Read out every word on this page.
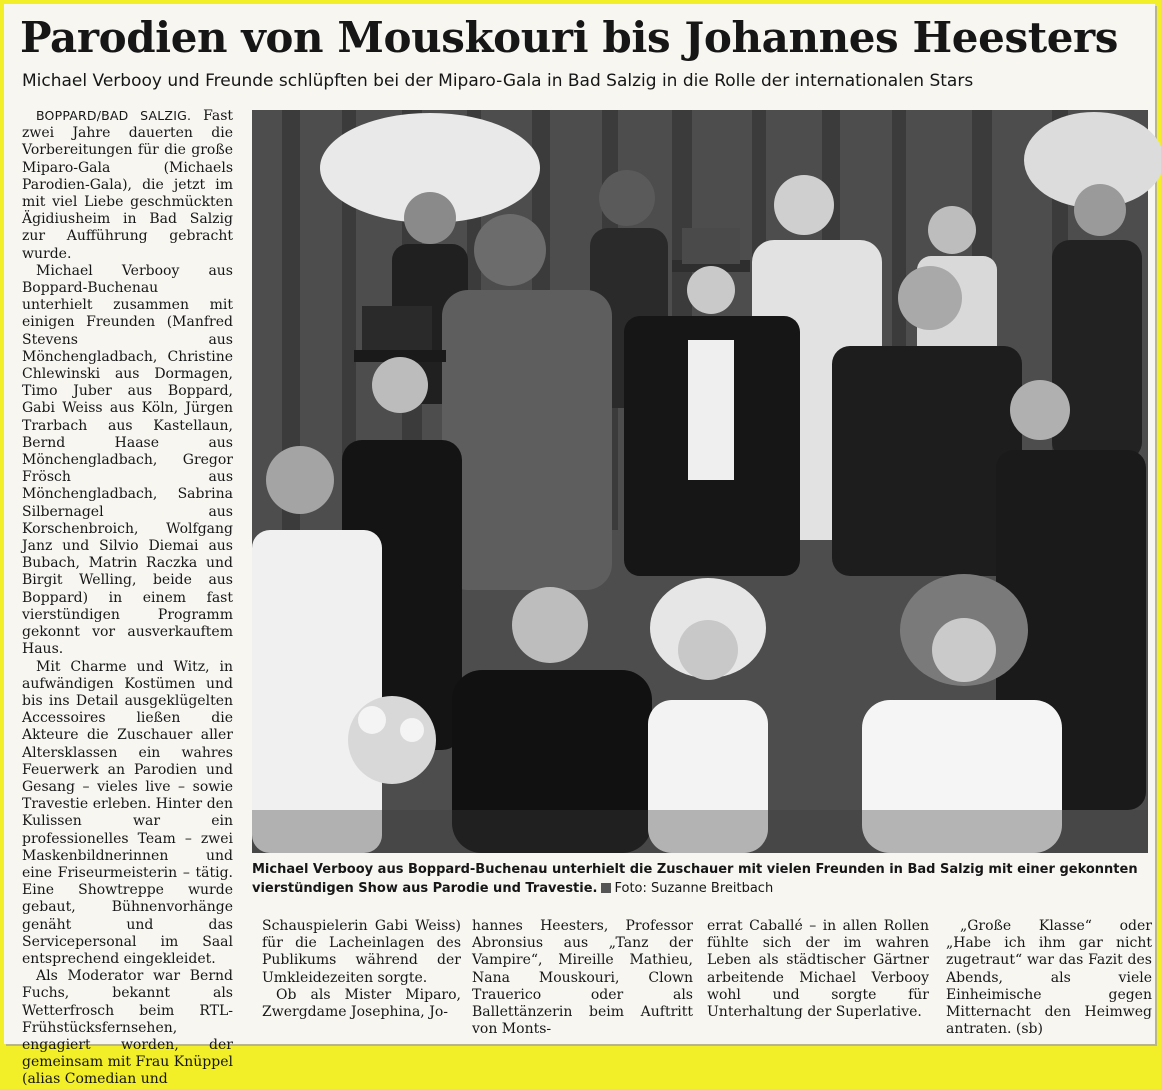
Parodien von Mouskouri bis Johannes Heesters
Michael Verbooy und Freunde schlüpften bei der Miparo-Gala in Bad Salzig in die Rolle der internationalen Stars

BOPPARD/BAD SALZIG. Fast zwei Jahre dauerten die Vorbereitungen für die große Miparo-Gala (Michaels Parodien-Gala), die jetzt im mit viel Liebe geschmückten Ägidiusheim in Bad Salzig zur Aufführung gebracht wurde.

Michael Verbooy aus Boppard-Buchenau unterhielt zusammen mit einigen Freunden (Manfred Stevens aus Mönchengladbach, Christine Chlewinski aus Dormagen, Timo Juber aus Boppard, Gabi Weiss aus Köln, Jürgen Trarbach aus Kastellaun, Bernd Haase aus Mönchengladbach, Gregor Frösch aus Mönchengladbach, Sabrina Silbernagel aus Korschenbroich, Wolfgang Janz und Silvio Diemai aus Bubach, Matrin Raczka und Birgit Welling, beide aus Boppard) in einem fast vierstündigen Programm gekonnt vor ausverkauftem Haus.

Mit Charme und Witz, in aufwändigen Kostümen und bis ins Detail ausgeklügelten Accessoires ließen die Akteure die Zuschauer aller Altersklassen ein wahres Feuerwerk an Parodien und Gesang – vieles live – sowie Travestie erleben. Hinter den Kulissen war ein professionelles Team – zwei Maskenbildnerinnen und eine Friseurmeisterin – tätig. Eine Showtreppe wurde gebaut, Bühnenvorhänge genäht und das Servicepersonal im Saal entsprechend eingekleidet.

Als Moderator war Bernd Fuchs, bekannt als Wetterfrosch beim RTL-Frühstücksfernsehen, engagiert worden, der gemeinsam mit Frau Knüppel (alias Comedian und

Michael Verbooy aus Boppard-Buchenau unterhielt die Zuschauer mit vielen Freunden in Bad Salzig mit einer gekonnten vierstündigen Show aus Parodie und Travestie. Foto: Suzanne Breitbach

Schauspielerin Gabi Weiss) für die Lacheinlagen des Publikums während der Umkleidezeiten sorgte.

Ob als Mister Miparo, Zwergdame Josephina, Jo-

hannes Heesters, Professor Abronsius aus „Tanz der Vampire“, Mireille Mathieu, Nana Mouskouri, Clown Trauerico oder als Ballettänzerin beim Auftritt von Monts-

errat Caballé – in allen Rollen fühlte sich der im wahren Leben als städtischer Gärtner arbeitende Michael Verbooy wohl und sorgte für Unterhaltung der Superlative.

„Große Klasse“ oder „Habe ich ihm gar nicht zugetraut“ war das Fazit des Abends, als viele Einheimische gegen Mitternacht den Heimweg antraten. (sb)
